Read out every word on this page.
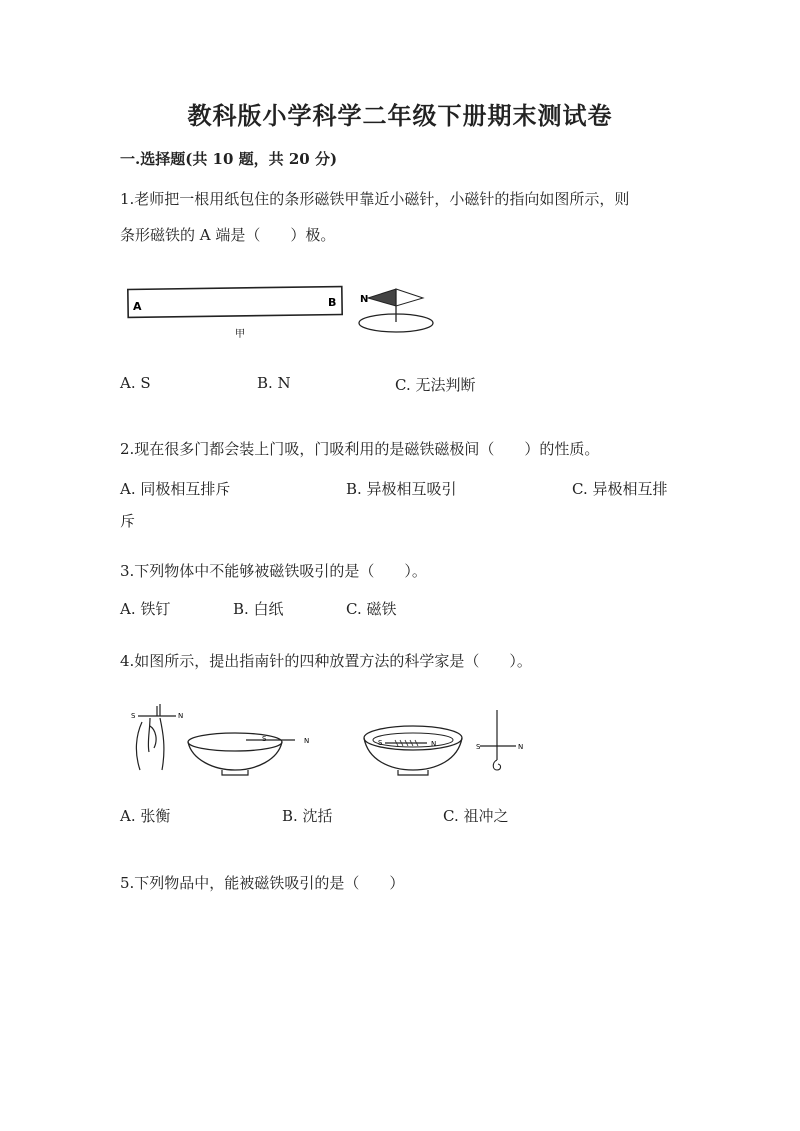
教科版小学科学二年级下册期末测试卷
一.选择题(共 10 题，共 20 分)
1.老师把一根用纸包住的条形磁铁甲靠近小磁针，小磁针的指向如图所示，则
条形磁铁的 A 端是（　　）极。
A	B
甲
N
A. S	B. N	C. 无法判断
2.现在很多门都会装上门吸，门吸利用的是磁铁磁极间（　　）的性质。
A. 同极相互排斥	B. 异极相互吸引	C. 异极相互排
斥
3.下列物体中不能够被磁铁吸引的是（　　）。
A. 铁钉	B. 白纸	C. 磁铁
4.如图所示，提出指南针的四种放置方法的科学家是（　　）。
S	N
S	N	S	N	S	N
A. 张衡	B. 沈括	C. 祖冲之
5.下列物品中，能被磁铁吸引的是（　　）
